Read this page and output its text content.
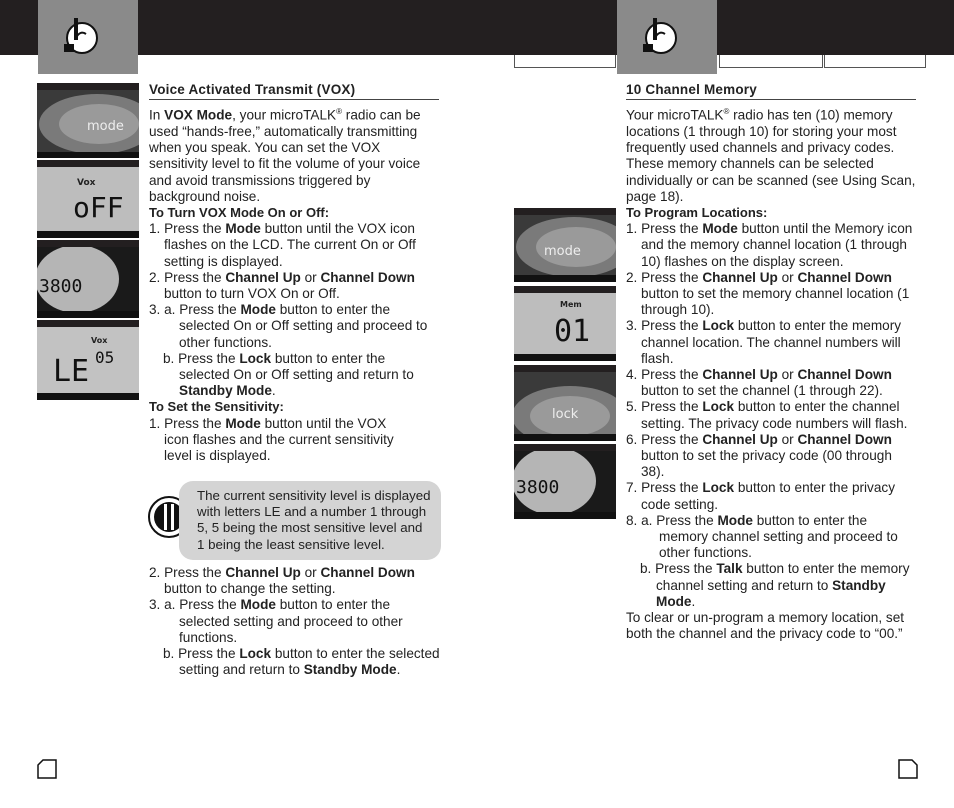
mode
Vox
oFF
3800
Vox
LE 05
mode
Mem
01
lock
3800
Voice Activated Transmit (VOX)

In VOX Mode, your microTALK® radio can be used “hands-free,” automatically transmitting when you speak. You can set the VOX sensitivity level to fit the volume of your voice and avoid transmissions triggered by background noise.

To Turn VOX Mode On or Off:

1. Press the Mode button until the VOX icon flashes on the LCD. The current On or Off setting is displayed.

2. Press the Channel Up or Channel Down button to turn VOX On or Off.

3. a. Press the Mode button to enter the selected On or Off setting and proceed to other functions.

b. Press the Lock button to enter the selected On or Off setting and return to Standby Mode.

To Set the Sensitivity:

1. Press the Mode button until the VOX icon flashes and the current sensitivity level is displayed.

The current sensitivity level is displayed with letters LE and a number 1 through 5, 5 being the most sensitive level and 1 being the least sensitive level.

2. Press the Channel Up or Channel Down button to change the setting.

3. a. Press the Mode button to enter the selected setting and proceed to other functions.

b. Press the Lock button to enter the selected setting and return to Standby Mode.

10 Channel Memory

Your microTALK® radio has ten (10) memory locations (1 through 10) for storing your most frequently used channels and privacy codes. These memory channels can be selected individually or can be scanned (see Using Scan, page 18).

To Program Locations:

1. Press the Mode button until the Memory icon and the memory channel location (1 through 10) flashes on the display screen.

2. Press the Channel Up or Channel Down button to set the memory channel location (1 through 10).

3. Press the Lock button to enter the memory channel location. The channel numbers will flash.

4. Press the Channel Up or Channel Down button to set the channel (1 through 22).

5. Press the Lock button to enter the channel setting. The privacy code numbers will flash.

6. Press the Channel Up or Channel Down button to set the privacy code (00 through 38).

7. Press the Lock button to enter the privacy code setting.

8. a. Press the Mode button to enter the memory channel setting and proceed to other functions.

b. Press the Talk button to enter the memory channel setting and return to Standby Mode.

To clear or un-program a memory location, set both the channel and the privacy code to “00.”
